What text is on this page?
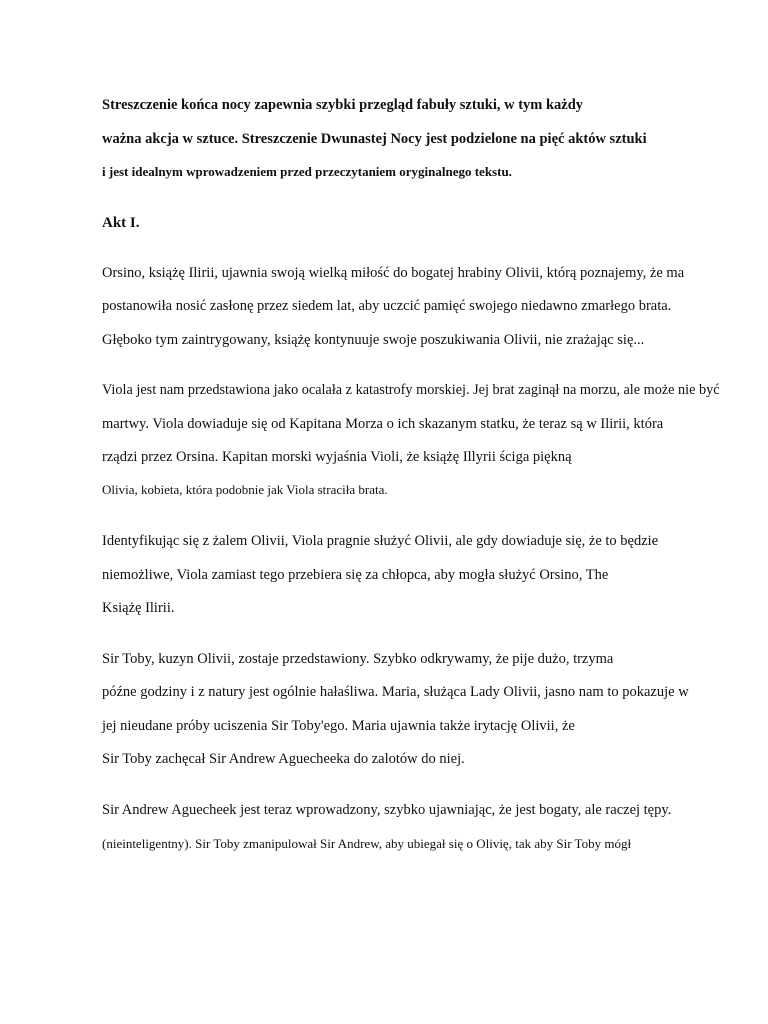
Streszczenie końca nocy zapewnia szybki przegląd fabuły sztuki, w tym każdy
ważna akcja w sztuce. Streszczenie Dwunastej Nocy jest podzielone na pięć aktów sztuki
i jest idealnym wprowadzeniem przed przeczytaniem oryginalnego tekstu.
Akt I.
Orsino, książę Ilirii, ujawnia swoją wielką miłość do bogatej hrabiny Olivii, którą poznajemy, że ma
postanowiła nosić zasłonę przez siedem lat, aby uczcić pamięć swojego niedawno zmarłego brata.
Głęboko tym zaintrygowany, książę kontynuuje swoje poszukiwania Olivii, nie zrażając się...
Viola jest nam przedstawiona jako ocalała z katastrofy morskiej. Jej brat zaginął na morzu, ale może nie być
martwy. Viola dowiaduje się od Kapitana Morza o ich skazanym statku, że teraz są w Ilirii, która
rządzi przez Orsina. Kapitan morski wyjaśnia Violi, że książę Illyrii ściga piękną
Olivia, kobieta, która podobnie jak Viola straciła brata.
Identyfikując się z żalem Olivii, Viola pragnie służyć Olivii, ale gdy dowiaduje się, że to będzie
niemożliwe, Viola zamiast tego przebiera się za chłopca, aby mogła służyć Orsino, The
Książę Ilirii.
Sir Toby, kuzyn Olivii, zostaje przedstawiony. Szybko odkrywamy, że pije dużo, trzyma
późne godziny i z natury jest ogólnie hałaśliwa. Maria, służąca Lady Olivii, jasno nam to pokazuje w
jej nieudane próby uciszenia Sir Toby'ego. Maria ujawnia także irytację Olivii, że
Sir Toby zachęcał Sir Andrew Aguecheeka do zalotów do niej.
Sir Andrew Aguecheek jest teraz wprowadzony, szybko ujawniając, że jest bogaty, ale raczej tępy.
(nieinteligentny). Sir Toby zmanipulował Sir Andrew, aby ubiegał się o Olivię, tak aby Sir Toby mógł
